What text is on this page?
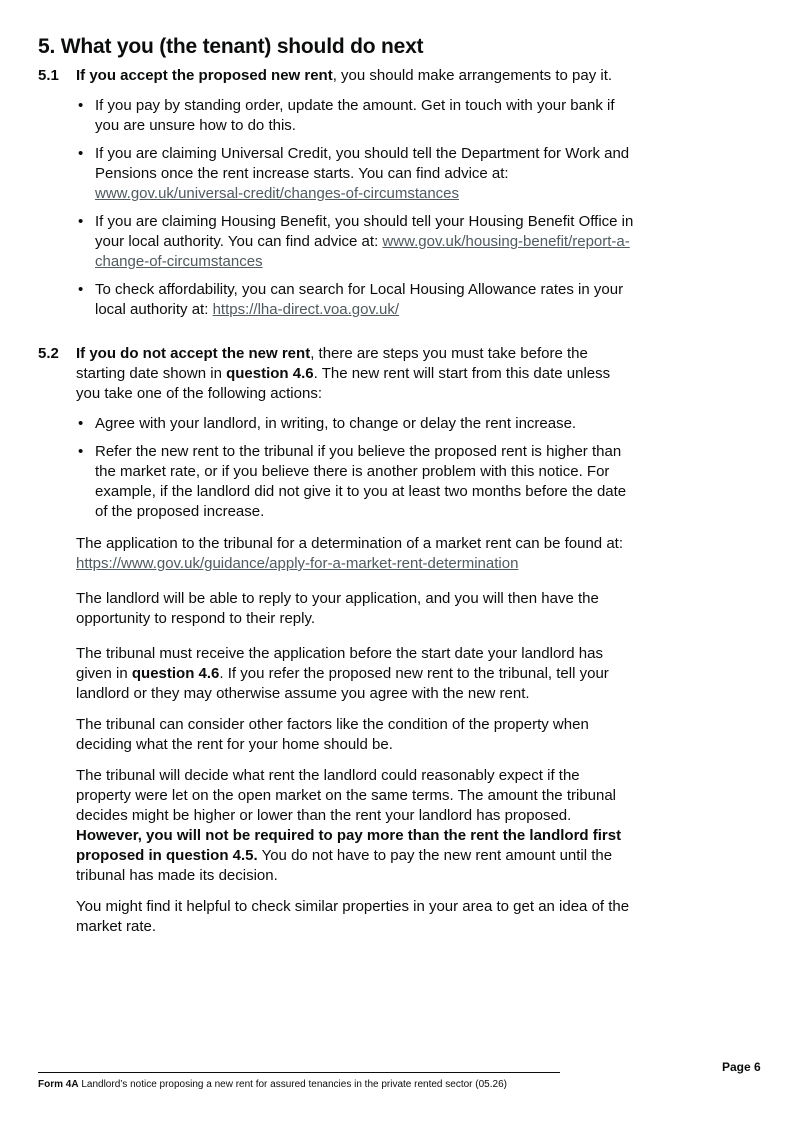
5. What you (the tenant) should do next
5.1 If you accept the proposed new rent, you should make arrangements to pay it.

• If you pay by standing order, update the amount. Get in touch with your bank if you are unsure how to do this.
• If you are claiming Universal Credit, you should tell the Department for Work and Pensions once the rent increase starts. You can find advice at: www.gov.uk/universal-credit/changes-of-circumstances
• If you are claiming Housing Benefit, you should tell your Housing Benefit Office in your local authority. You can find advice at: www.gov.uk/housing-benefit/report-a-change-of-circumstances
• To check affordability, you can search for Local Housing Allowance rates in your local authority at: https://lha-direct.voa.gov.uk/
5.2 If you do not accept the new rent, there are steps you must take before the starting date shown in question 4.6. The new rent will start from this date unless you take one of the following actions:

• Agree with your landlord, in writing, to change or delay the rent increase.
• Refer the new rent to the tribunal if you believe the proposed rent is higher than the market rate, or if you believe there is another problem with this notice. For example, if the landlord did not give it to you at least two months before the date of the proposed increase.

The application to the tribunal for a determination of a market rent can be found at:
https://www.gov.uk/guidance/apply-for-a-market-rent-determination

The landlord will be able to reply to your application, and you will then have the opportunity to respond to their reply.

The tribunal must receive the application before the start date your landlord has given in question 4.6. If you refer the proposed new rent to the tribunal, tell your landlord or they may otherwise assume you agree with the new rent.

The tribunal can consider other factors like the condition of the property when deciding what the rent for your home should be.

The tribunal will decide what rent the landlord could reasonably expect if the property were let on the open market on the same terms. The amount the tribunal decides might be higher or lower than the rent your landlord has proposed. However, you will not be required to pay more than the rent the landlord first proposed in question 4.5. You do not have to pay the new rent amount until the tribunal has made its decision.

You might find it helpful to check similar properties in your area to get an idea of the market rate.

Page 6
Form 4A Landlord’s notice proposing a new rent for assured tenancies in the private rented sector (05.26)
